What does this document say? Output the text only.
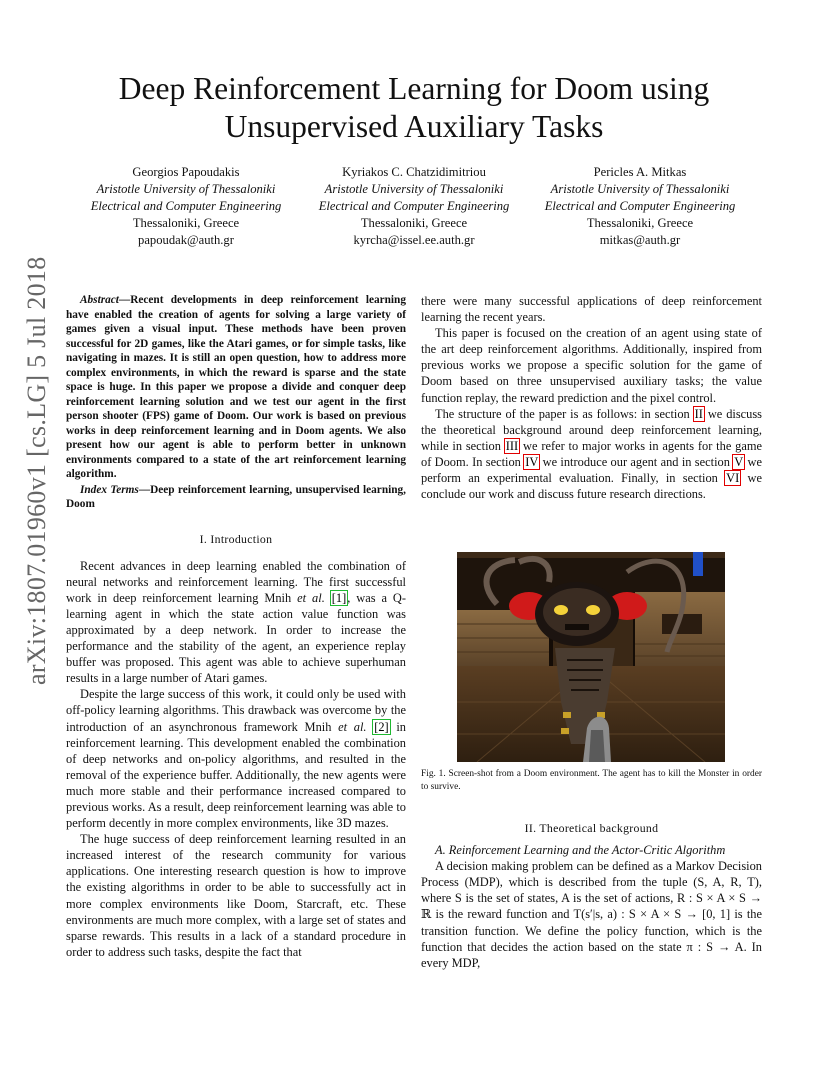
Deep Reinforcement Learning for Doom using
Unsupervised Auxiliary Tasks
Georgios Papoudakis
Aristotle University of Thessaloniki
Electrical and Computer Engineering
Thessaloniki, Greece
papoudak@auth.gr
Kyriakos C. Chatzidimitriou
Aristotle University of Thessaloniki
Electrical and Computer Engineering
Thessaloniki, Greece
kyrcha@issel.ee.auth.gr
Pericles A. Mitkas
Aristotle University of Thessaloniki
Electrical and Computer Engineering
Thessaloniki, Greece
mitkas@auth.gr
arXiv:1807.01960v1 [cs.LG] 5 Jul 2018	Abstract—Recent developments in deep reinforcement learning have enabled the creation of agents for solving a large variety of games given a visual input. These methods have been proven successful for 2D games, like the Atari games, or for simple tasks, like navigating in mazes. It is still an open question, how to address more complex environments, in which the reward is sparse and the state space is huge. In this paper we propose a divide and conquer deep reinforcement learning solution and we test our agent in the first person shooter (FPS) game of Doom. Our work is based on previous works in deep reinforcement learning and in Doom agents. We also present how our agent is able to perform better in unknown environments compared to a state of the art reinforcement learning algorithm.

Index Terms—Deep reinforcement learning, unsupervised learning, Doom

I. Introduction

Recent advances in deep learning enabled the combination of neural networks and reinforcement learning. The first successful work in deep reinforcement learning Mnih et al. [1], was a Q-learning agent in which the state action value function was approximated by a deep network. In order to increase the performance and the stability of the agent, an experience replay buffer was proposed. This agent was able to achieve superhuman results in a large number of Atari games.

Despite the large success of this work, it could only be used with off-policy learning algorithms. This drawback was overcome by the introduction of an asynchronous framework Mnih et al. [2] in reinforcement learning. This development enabled the combination of deep networks and on-policy algorithms, and resulted in the removal of the experience buffer. Additionally, the new agents were much more stable and their performance increased compared to previous works. As a result, deep reinforcement learning was able to perform decently in more complex environments, like 3D mazes.

The huge success of deep reinforcement learning resulted in an increased interest of the research community for various applications. One interesting research question is how to improve the existing algorithms in order to be able to successfully act in more complex environments like Doom, Starcraft, etc. These environments are much more complex, with a large set of states and sparse rewards. This results in a lack of a standard procedure in order to address such tasks, despite the fact that

there were many successful applications of deep reinforcement learning the recent years.

This paper is focused on the creation of an agent using state of the art deep reinforcement algorithms. Additionally, inspired from previous works we propose a specific solution for the game of Doom based on three unsupervised auxiliary tasks; the value function replay, the reward prediction and the pixel control.

The structure of the paper is as follows: in section II we discuss the theoretical background around deep reinforcement learning, while in section III we refer to major works in agents for the game of Doom. In section IV we introduce our agent and in section V we perform an experimental evaluation. Finally, in section VI we conclude our work and discuss future research directions.

Fig. 1. Screen-shot from a Doom environment. The agent has to kill the Monster in order to survive.
II. Theoretical background

A. Reinforcement Learning and the Actor-Critic Algorithm

A decision making problem can be defined as a Markov Decision Process (MDP), which is described from the tuple (S, A, R, T), where S is the set of states, A is the set of actions, R : S × A × S → ℝ is the reward function and T(s′|s, a) : S × A × S → [0, 1] is the transition function. We define the policy function, which is the function that decides the action based on the state π : S → A. In every MDP,
